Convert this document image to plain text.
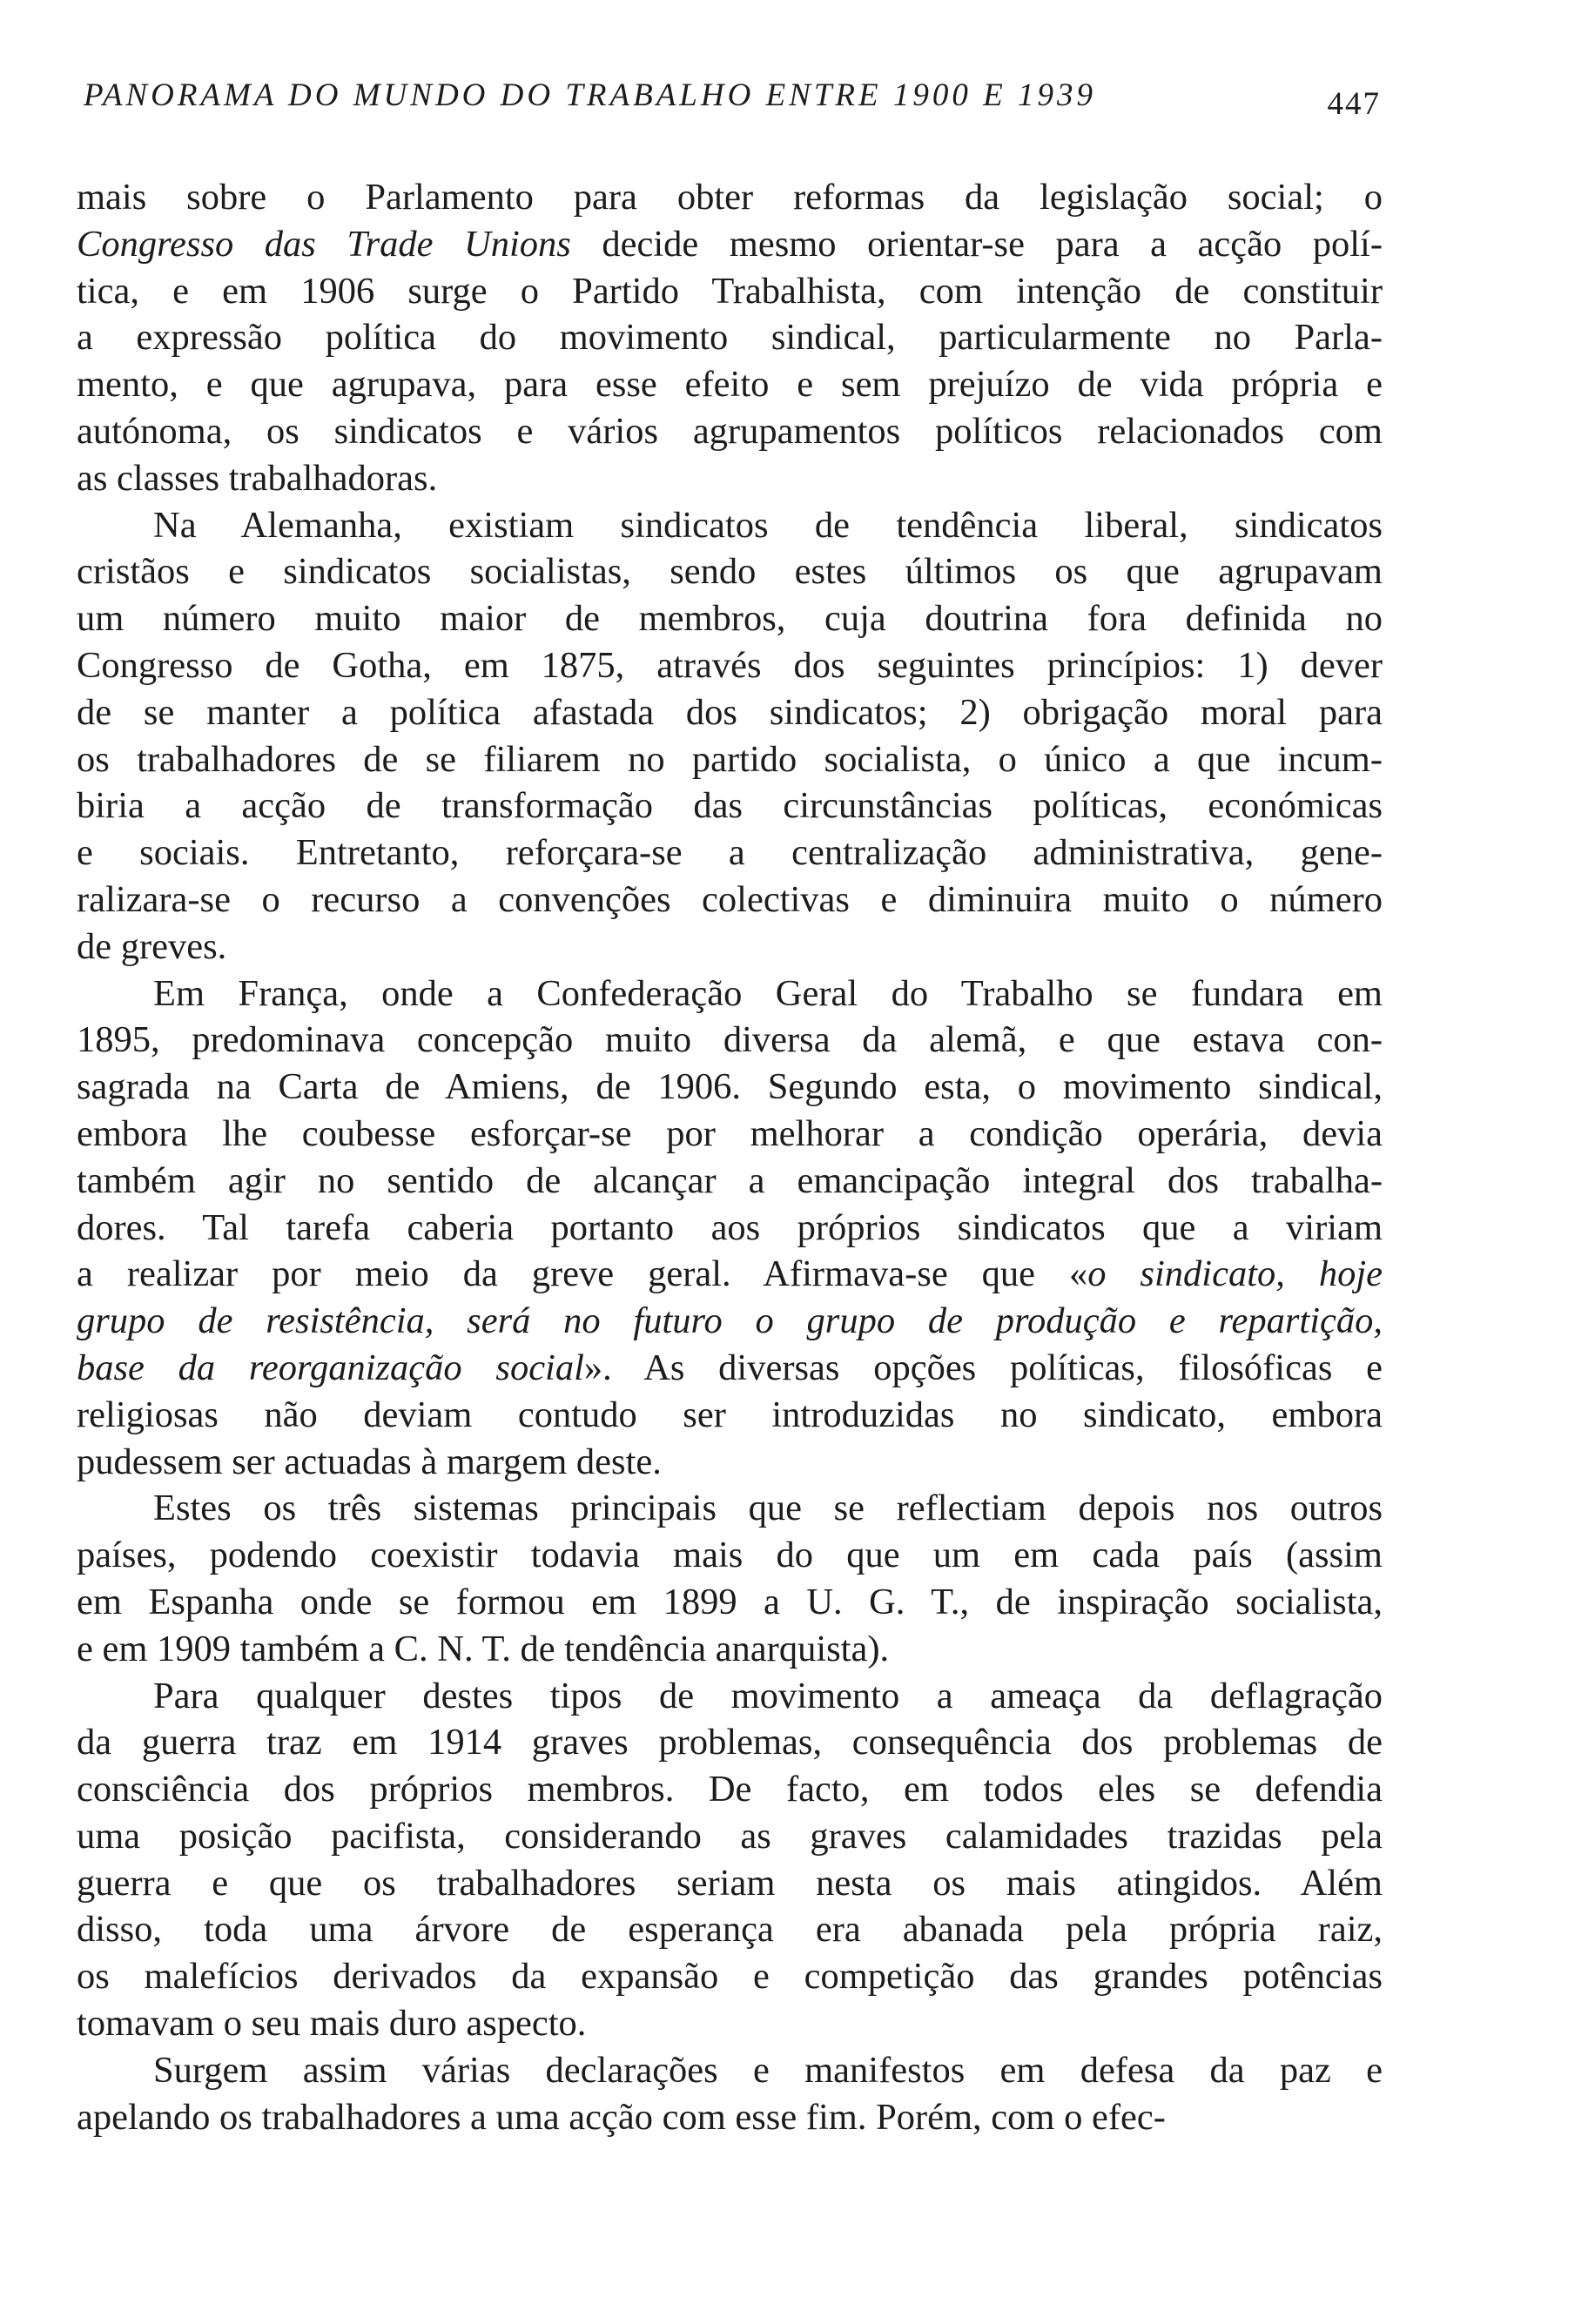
PANORAMA DO MUNDO DO TRABALHO ENTRE 1900 E 1939	447

mais sobre o Parlamento para obter reformas da legislação social; o
Congresso das Trade Unions decide mesmo orientar-se para a acção polí-
tica, e em 1906 surge o Partido Trabalhista, com intenção de constituir
a expressão política do movimento sindical, particularmente no Parla-
mento, e que agrupava, para esse efeito e sem prejuízo de vida própria e
autónoma, os sindicatos e vários agrupamentos políticos relacionados com
as classes trabalhadoras.

Na Alemanha, existiam sindicatos de tendência liberal, sindicatos
cristãos e sindicatos socialistas, sendo estes últimos os que agrupavam
um número muito maior de membros, cuja doutrina fora definida no
Congresso de Gotha, em 1875, através dos seguintes princípios: 1) dever
de se manter a política afastada dos sindicatos; 2) obrigação moral para
os trabalhadores de se filiarem no partido socialista, o único a que incum-
biria a acção de transformação das circunstâncias políticas, económicas
e sociais. Entretanto, reforçara-se a centralização administrativa, gene-
ralizara-se o recurso a convenções colectivas e diminuira muito o número
de greves.

Em França, onde a Confederação Geral do Trabalho se fundara em
1895, predominava concepção muito diversa da alemã, e que estava con-
sagrada na Carta de Amiens, de 1906. Segundo esta, o movimento sindical,
embora lhe coubesse esforçar-se por melhorar a condição operária, devia
também agir no sentido de alcançar a emancipação integral dos trabalha-
dores. Tal tarefa caberia portanto aos próprios sindicatos que a viriam
a realizar por meio da greve geral. Afirmava-se que «o sindicato, hoje
grupo de resistência, será no futuro o grupo de produção e repartição,
base da reorganização social». As diversas opções políticas, filosóficas e
religiosas não deviam contudo ser introduzidas no sindicato, embora
pudessem ser actuadas à margem deste.

Estes os três sistemas principais que se reflectiam depois nos outros
países, podendo coexistir todavia mais do que um em cada país (assim
em Espanha onde se formou em 1899 a U. G. T., de inspiração socialista,
e em 1909 também a C. N. T. de tendência anarquista).

Para qualquer destes tipos de movimento a ameaça da deflagração
da guerra traz em 1914 graves problemas, consequência dos problemas de
consciência dos próprios membros. De facto, em todos eles se defendia
uma posição pacifista, considerando as graves calamidades trazidas pela
guerra e que os trabalhadores seriam nesta os mais atingidos. Além
disso, toda uma árvore de esperança era abanada pela própria raiz,
os malefícios derivados da expansão e competição das grandes potências
tomavam o seu mais duro aspecto.

Surgem assim várias declarações e manifestos em defesa da paz e
apelando os trabalhadores a uma acção com esse fim. Porém, com o efec-
